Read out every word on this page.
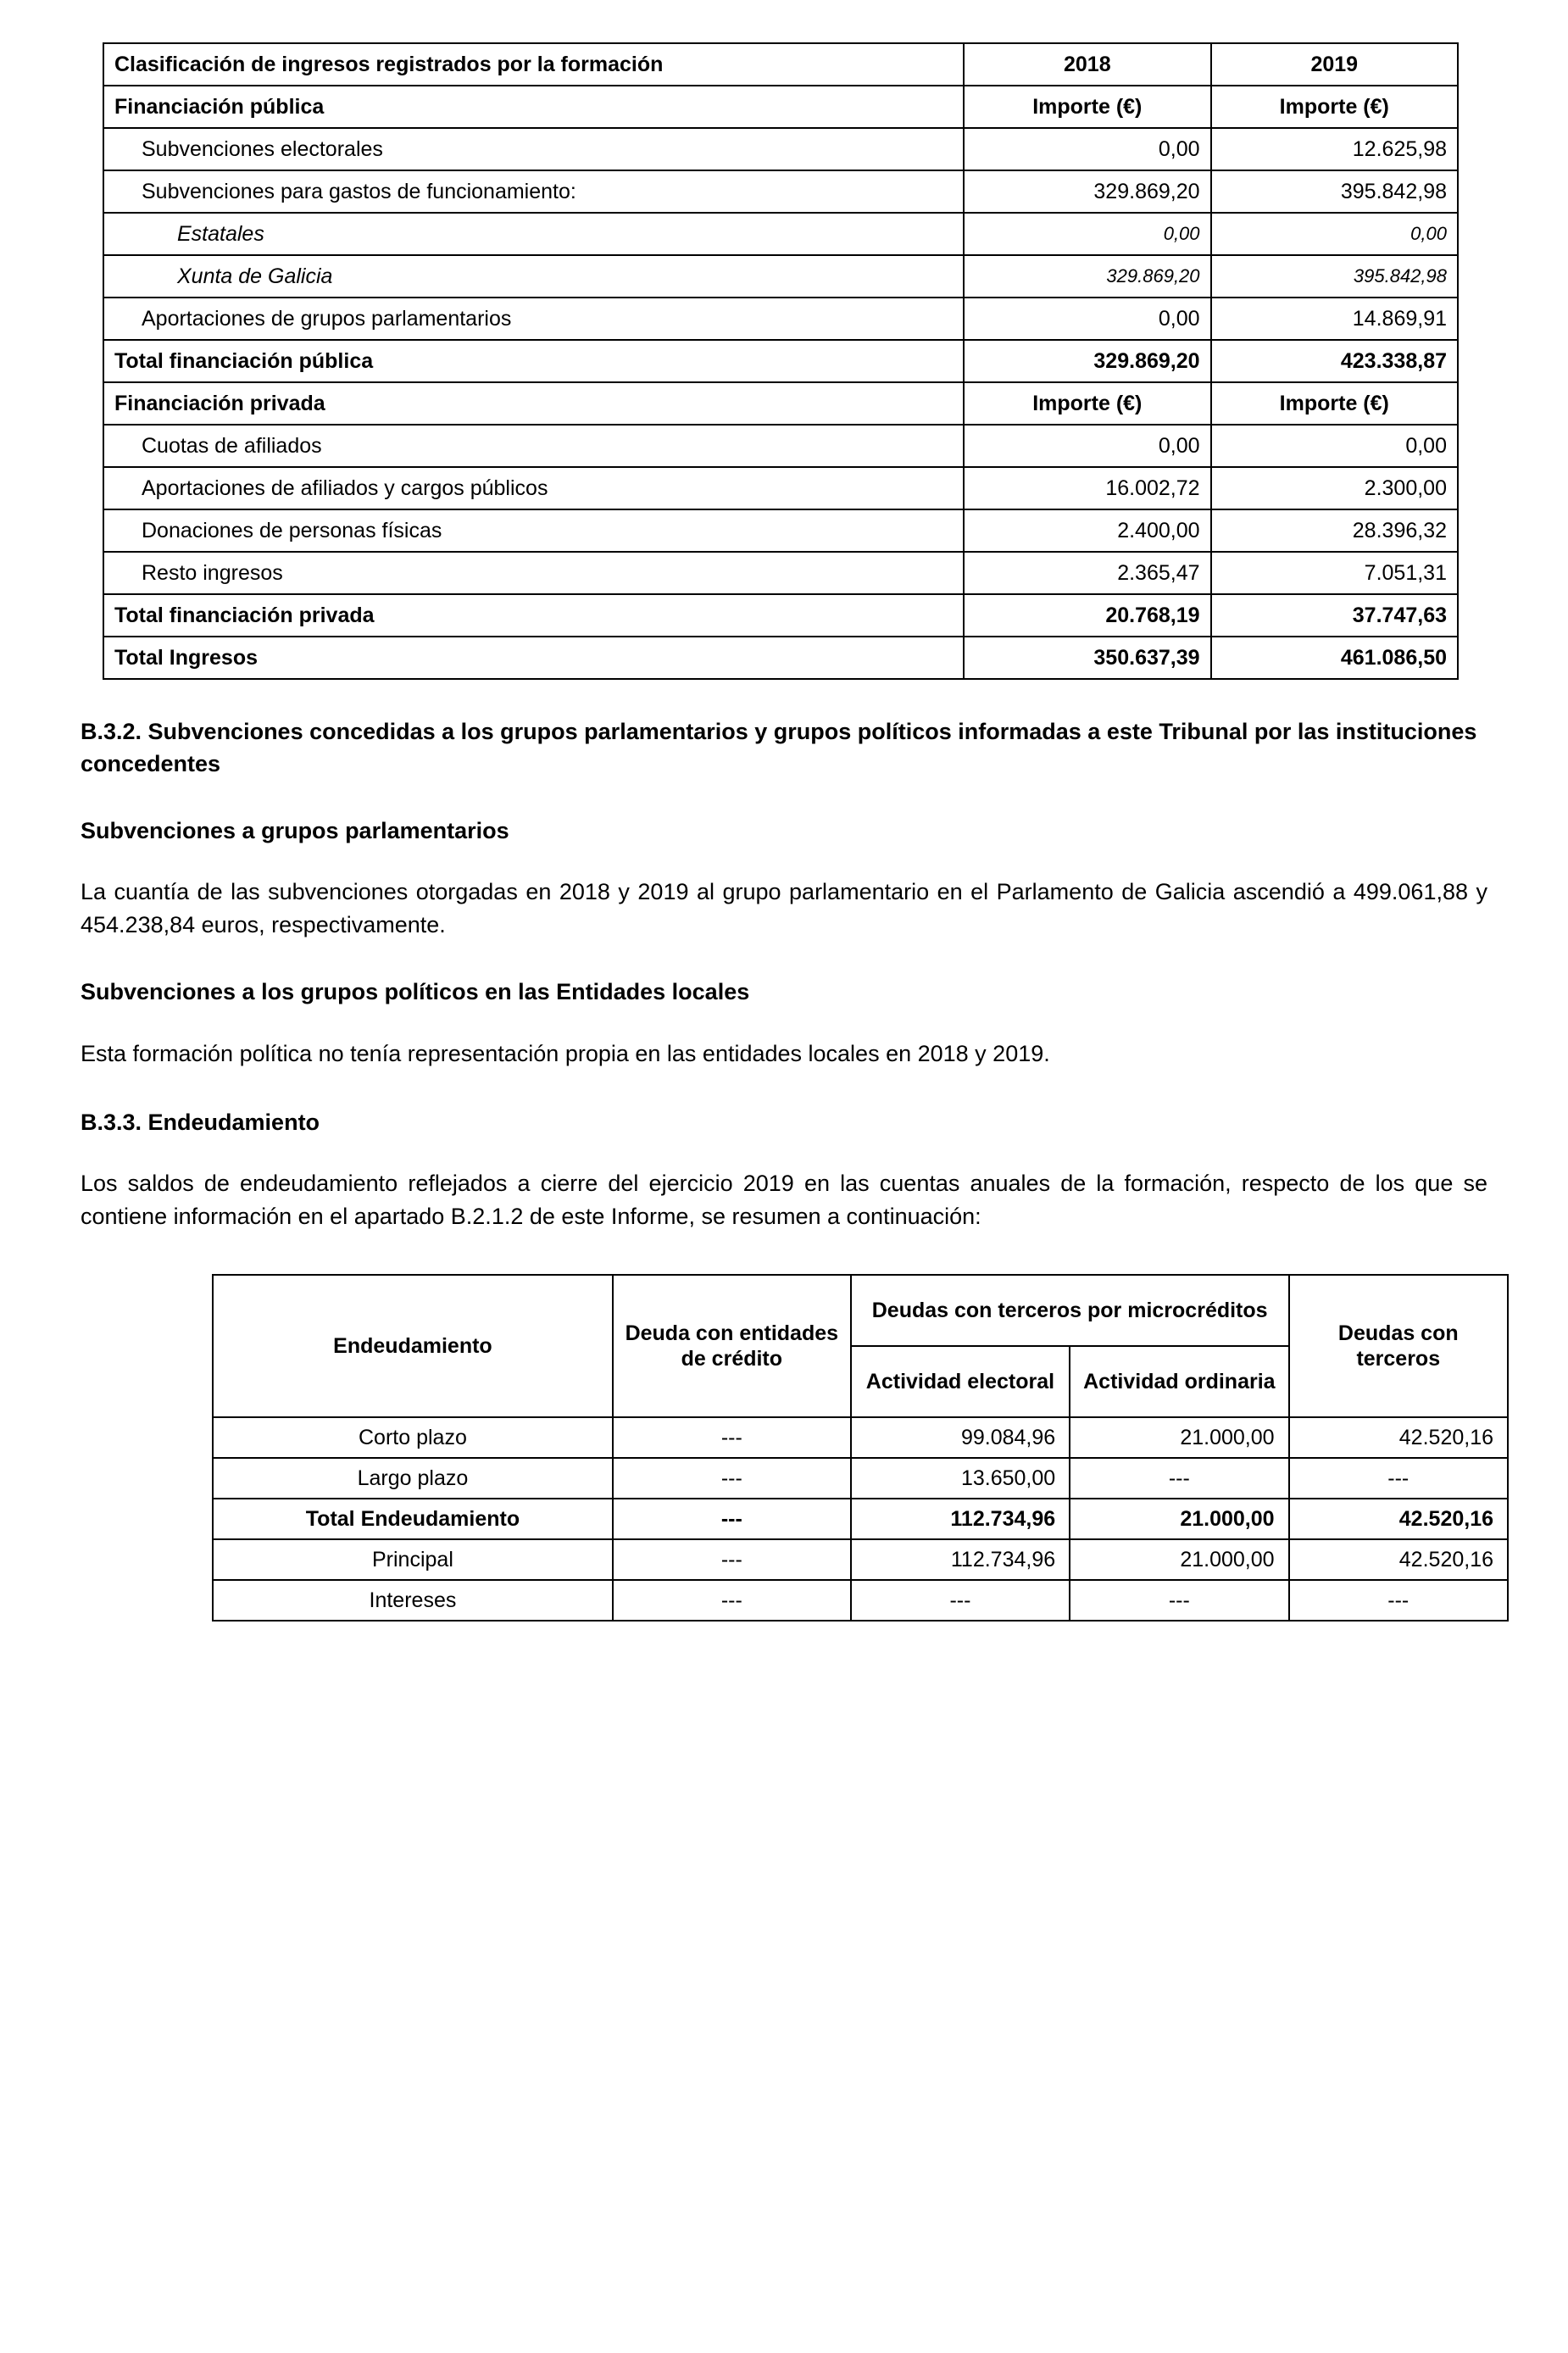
Clasificación de ingresos registrados por la formación	2018	2019
Financiación pública	Importe (€)	Importe (€)
Subvenciones electorales	0,00	12.625,98
Subvenciones para gastos de funcionamiento:	329.869,20	395.842,98
Estatales	0,00	0,00
Xunta de Galicia	329.869,20	395.842,98
Aportaciones de grupos parlamentarios	0,00	14.869,91
Total financiación pública	329.869,20	423.338,87
Financiación privada	Importe (€)	Importe (€)
Cuotas de afiliados	0,00	0,00
Aportaciones de afiliados y cargos públicos	16.002,72	2.300,00
Donaciones de personas físicas	2.400,00	28.396,32
Resto ingresos	2.365,47	7.051,31
Total financiación privada	20.768,19	37.747,63
Total Ingresos	350.637,39	461.086,50
B.3.2. Subvenciones concedidas a los grupos parlamentarios y grupos políticos informadas a este Tribunal por las instituciones concedentes
Subvenciones a grupos parlamentarios

La cuantía de las subvenciones otorgadas en 2018 y 2019 al grupo parlamentario en el Parlamento de Galicia ascendió a 499.061,88 y 454.238,84 euros, respectivamente.

Subvenciones a los grupos políticos en las Entidades locales

Esta formación política no tenía representación propia en las entidades locales en 2018 y 2019.

B.3.3. Endeudamiento

Los saldos de endeudamiento reflejados a cierre del ejercicio 2019 en las cuentas anuales de la formación, respecto de los que se contiene información en el apartado B.2.1.2 de este Informe, se resumen a continuación:

Endeudamiento	Deuda con entidades de crédito	Deudas con terceros por microcréditos		Deudas con terceros
		Actividad electoral	Actividad ordinaria	
Corto plazo	---	99.084,96	21.000,00	42.520,16
Largo plazo	---	13.650,00	---	---
Total Endeudamiento	---	112.734,96	21.000,00	42.520,16
Principal	---	112.734,96	21.000,00	42.520,16
Intereses	---	---	---	---
